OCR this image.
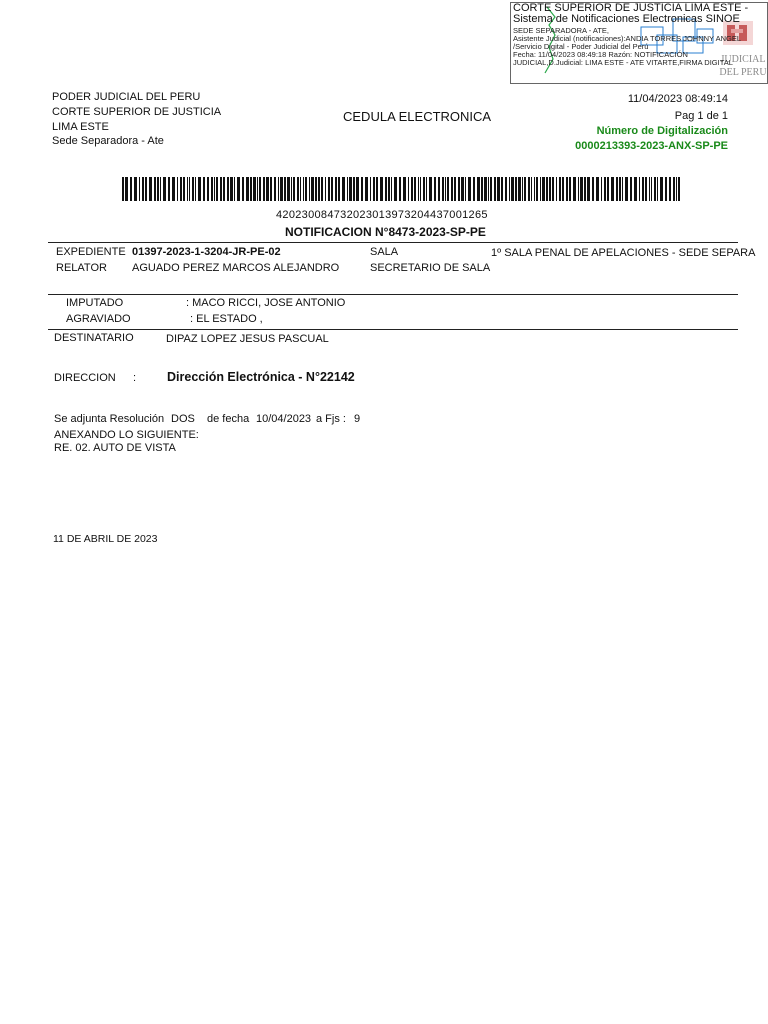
JUDICIAL
DEL PERU
CORTE SUPERIOR DE JUSTICIA LIMA ESTE -
Sistema de Notificaciones Electronicas SINOE
SEDE SEPARADORA - ATE,
Asistente Judicial (notificaciones):ANDIA TORRES JOHNNY ANGEL
/Servicio Digital - Poder Judicial del Perú
Fecha: 11/04/2023 08:49:18 Razón: NOTIFICACIÓN
JUDICIAL,D.Judicial: LIMA ESTE - ATE VITARTE,FIRMA DIGITAL
PODER JUDICIAL DEL PERU
CORTE SUPERIOR DE JUSTICIA
LIMA ESTE
Sede Separadora - Ate
CEDULA ELECTRONICA
11/04/2023 08:49:14
Pag 1 de 1
Número de Digitalización
0000213393-2023-ANX-SP-PE
420230084732023013973204437001265
NOTIFICACION N°8473-2023-SP-PE
EXPEDIENTE 01397-2023-1-3204-JR-PE-02	SALA	1º SALA PENAL DE APELACIONES - SEDE SEPARA
RELATOR AGUADO PEREZ MARCOS ALEJANDRO	SECRETARIO DE SALA
IMPUTADO	: MACO RICCI, JOSE ANTONIO
AGRAVIADO	: EL ESTADO ,
DESTINATARIO	DIPAZ LOPEZ JESUS PASCUAL
DIRECCION : Dirección Electrónica - N°22142
Se adjunta Resolución DOS de fecha 10/04/2023 a Fjs : 9
ANEXANDO LO SIGUIENTE:
RE. 02. AUTO DE VISTA
11 DE ABRIL DE 2023
